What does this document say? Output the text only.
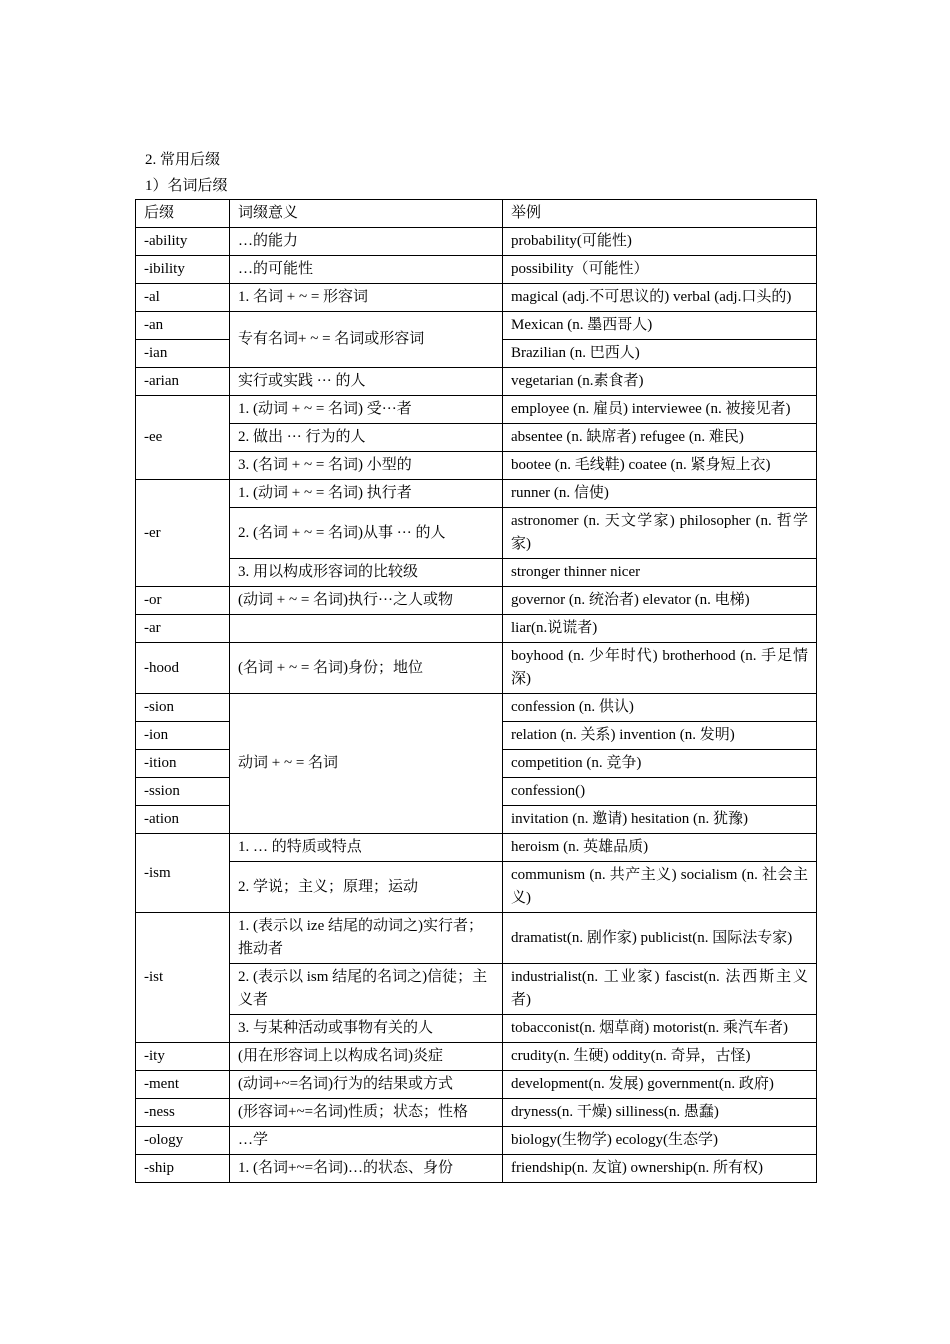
2. 常用后缀
1）名词后缀
后缀	词缀意义	举例
-ability	…的能力	probability(可能性)
-ibility	…的可能性	possibility（可能性）
-al	1. 名词 + ~ = 形容词	magical (adj.不可思议的) verbal (adj.口头的)
-an	专有名词+ ~ = 名词或形容词	Mexican (n. 墨西哥人)
-ian		Brazilian (n. 巴西人)
-arian	实行或实践 ··· 的人	vegetarian (n.素食者)
-ee	1. (动词 + ~ = 名词) 受···者	employee (n. 雇员) interviewee (n. 被接见者)
	2. 做出 ··· 行为的人	absentee (n. 缺席者) refugee (n. 难民)
	3. (名词 + ~ = 名词) 小型的	bootee (n. 毛线鞋) coatee (n. 紧身短上衣)
-er	1. (动词 + ~ = 名词) 执行者	runner (n. 信使)
	2. (名词 + ~ = 名词)从事 ··· 的人	astronomer (n. 天文学家) philosopher (n. 哲学家)
	3. 用以构成形容词的比较级	stronger thinner nicer
-or	(动词 + ~ = 名词)执行···之人或物	governor (n. 统治者) elevator (n. 电梯)
-ar		liar(n.说谎者)
-hood	(名词 + ~ = 名词)身份；地位	boyhood (n. 少年时代) brotherhood (n. 手足情深)
-sion	动词 + ~ = 名词	confession (n. 供认)
-ion		relation (n. 关系) invention (n. 发明)
-ition		competition (n. 竞争)
-ssion		confession()
-ation		invitation (n. 邀请) hesitation (n. 犹豫)
-ism	1. … 的特质或特点	heroism (n. 英雄品质)
	2. 学说；主义；原理；运动	communism (n. 共产主义) socialism (n. 社会主义)
-ist	1. (表示以 ize 结尾的动词之)实行者；推动者	dramatist(n. 剧作家) publicist(n. 国际法专家)
	2. (表示以 ism 结尾的名词之)信徒；主义者	industrialist(n. 工业家) fascist(n. 法西斯主义者)
	3. 与某种活动或事物有关的人	tobacconist(n. 烟草商) motorist(n. 乘汽车者)
-ity	(用在形容词上以构成名词)炎症	crudity(n. 生硬) oddity(n. 奇异，古怪)
-ment	(动词+~=名词)行为的结果或方式	development(n. 发展) government(n. 政府)
-ness	(形容词+~=名词)性质；状态；性格	dryness(n. 干燥) silliness(n. 愚蠢)
-ology	…学	biology(生物学) ecology(生态学)
-ship	1. (名词+~=名词)…的状态、身份	friendship(n. 友谊) ownership(n. 所有权)
